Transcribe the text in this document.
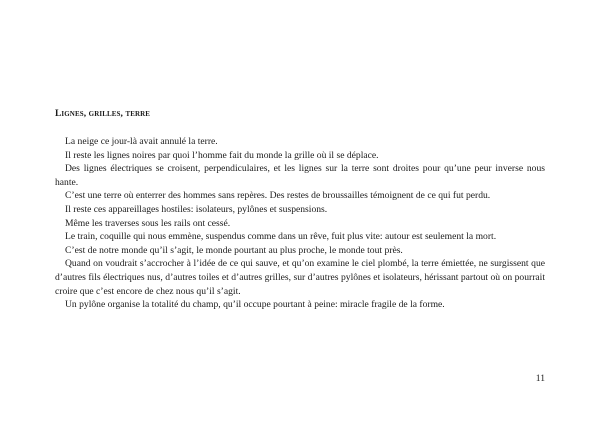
Lignes, grilles, terre

La neige ce jour-là avait annulé la terre.

Il reste les lignes noires par quoi l’homme fait du monde la grille où il se déplace.

Des lignes électriques se croisent, perpendiculaires, et les lignes sur la terre sont droites pour qu’une peur inverse nous hante.

C’est une terre où enterrer des hommes sans repères. Des restes de broussailles témoignent de ce qui fut perdu.

Il reste ces appareillages hostiles: isolateurs, pylônes et suspensions.

Même les traverses sous les rails ont cessé.

Le train, coquille qui nous emmène, suspendus comme dans un rêve, fuit plus vite: autour est seulement la mort.

C’est de notre monde qu’il s’agit, le monde pourtant au plus proche, le monde tout près.

Quand on voudrait s’accrocher à l’idée de ce qui sauve, et qu’on examine le ciel plombé, la terre émiettée, ne surgissent que d’autres fils électriques nus, d’autres toiles et d’autres grilles, sur d’autres pylônes et isolateurs, hérissant partout où on pourrait croire que c’est encore de chez nous qu’il s’agit.

Un pylône organise la totalité du champ, qu’il occupe pourtant à peine: miracle fragile de la forme.

11
